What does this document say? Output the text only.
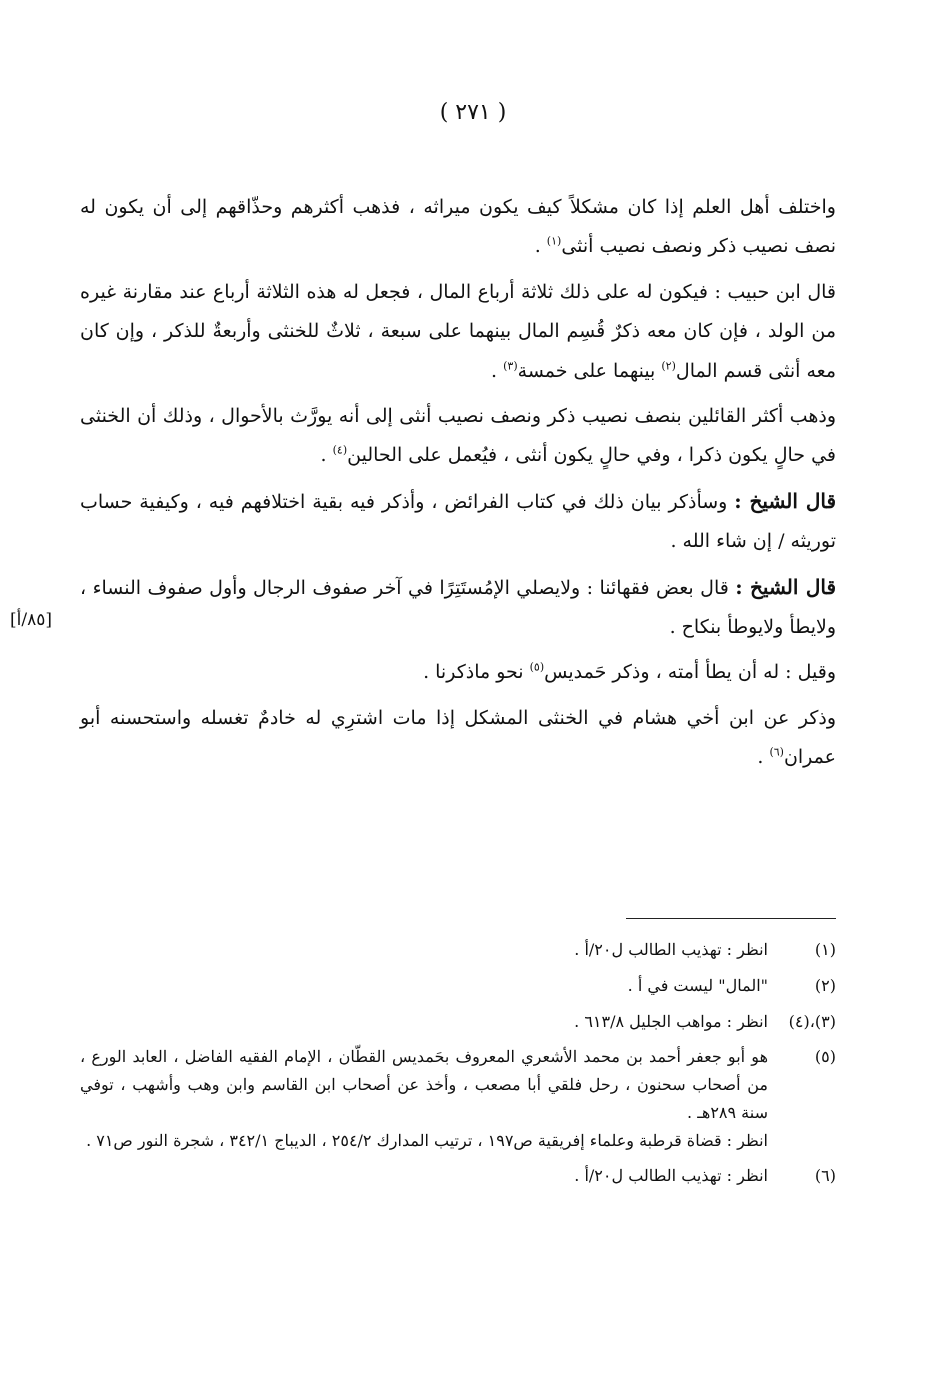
( ٢٧١ )
[٨٥/أ]

واختلف أهل العلم إذا كان مشكلاً كيف يكون ميراثه ، فذهب أكثرهم وحذّاقهم إلى أن يكون له نصف نصيب ذكر ونصف نصيب أنثى$^{(١)}$ .

قال ابن حبيب : فيكون له على ذلك ثلاثة أرباع المال ، فجعل له هذه الثلاثة أرباع عند مقارنة غيره من الولد ، فإن كان معه ذكرٌ قُسِم المال بينهما على سبعة ، ثلاثٌ للخنثى وأربعةٌ للذكر ، وإن كان معه أنثى قسم المال$^{(٢)}$ بينهما على خمسة$^{(٣)}$ .

وذهب أكثر القائلين بنصف نصيب ذكر ونصف نصيب أنثى إلى أنه يورَّث بالأحوال ، وذلك أن الخنثى في حالٍ يكون ذكرا ، وفي حالٍ يكون أنثى ، فيُعمل على الحالين$^{(٤)}$ .

قال الشيخ : وسأذكر بيان ذلك في كتاب الفرائض ، وأذكر فيه بقية اختلافهم فيه ، وكيفية حساب توريثه / إن شاء الله .

قال الشيخ : قال بعض فقهائنا : ولايصلي الإمُستَتِرًا في آخر صفوف الرجال وأول صفوف النساء ، ولايطأ ولايوطأ بنكاح .

وقيل : له أن يطأ أمته ، وذكر حَمديس$^{(٥)}$ نحو ماذكرنا .

وذكر عن ابن أخي هشام في الخنثى المشكل إذا مات اشترِي له خادمٌ تغسله واستحسنه أبو عمران$^{(٦)}$ .

(١)
انظر : تهذيب الطالب ل٢٠/أ .
(٢)
"المال" ليست في أ .
(٣)،(٤)
انظر : مواهب الجليل ٦١٣/٨ .
(٥)
هو أبو جعفر أحمد بن محمد الأشعري المعروف بحَمديس القطّان ، الإمام الفقيه الفاضل ، العابد الورع ، من أصحاب سحنون ، رحل فلقي أبا مصعب ، وأخذ عن أصحاب ابن القاسم وابن وهب وأشهب ، توفي سنة ٢٨٩هـ .
انظر : قضاة قرطبة وعلماء إفريقية ص١٩٧ ، ترتيب المدارك ٢٥٤/٢ ، الديباج ٣٤٢/١ ، شجرة النور ص٧١ .
(٦)
انظر : تهذيب الطالب ل٢٠/أ .
